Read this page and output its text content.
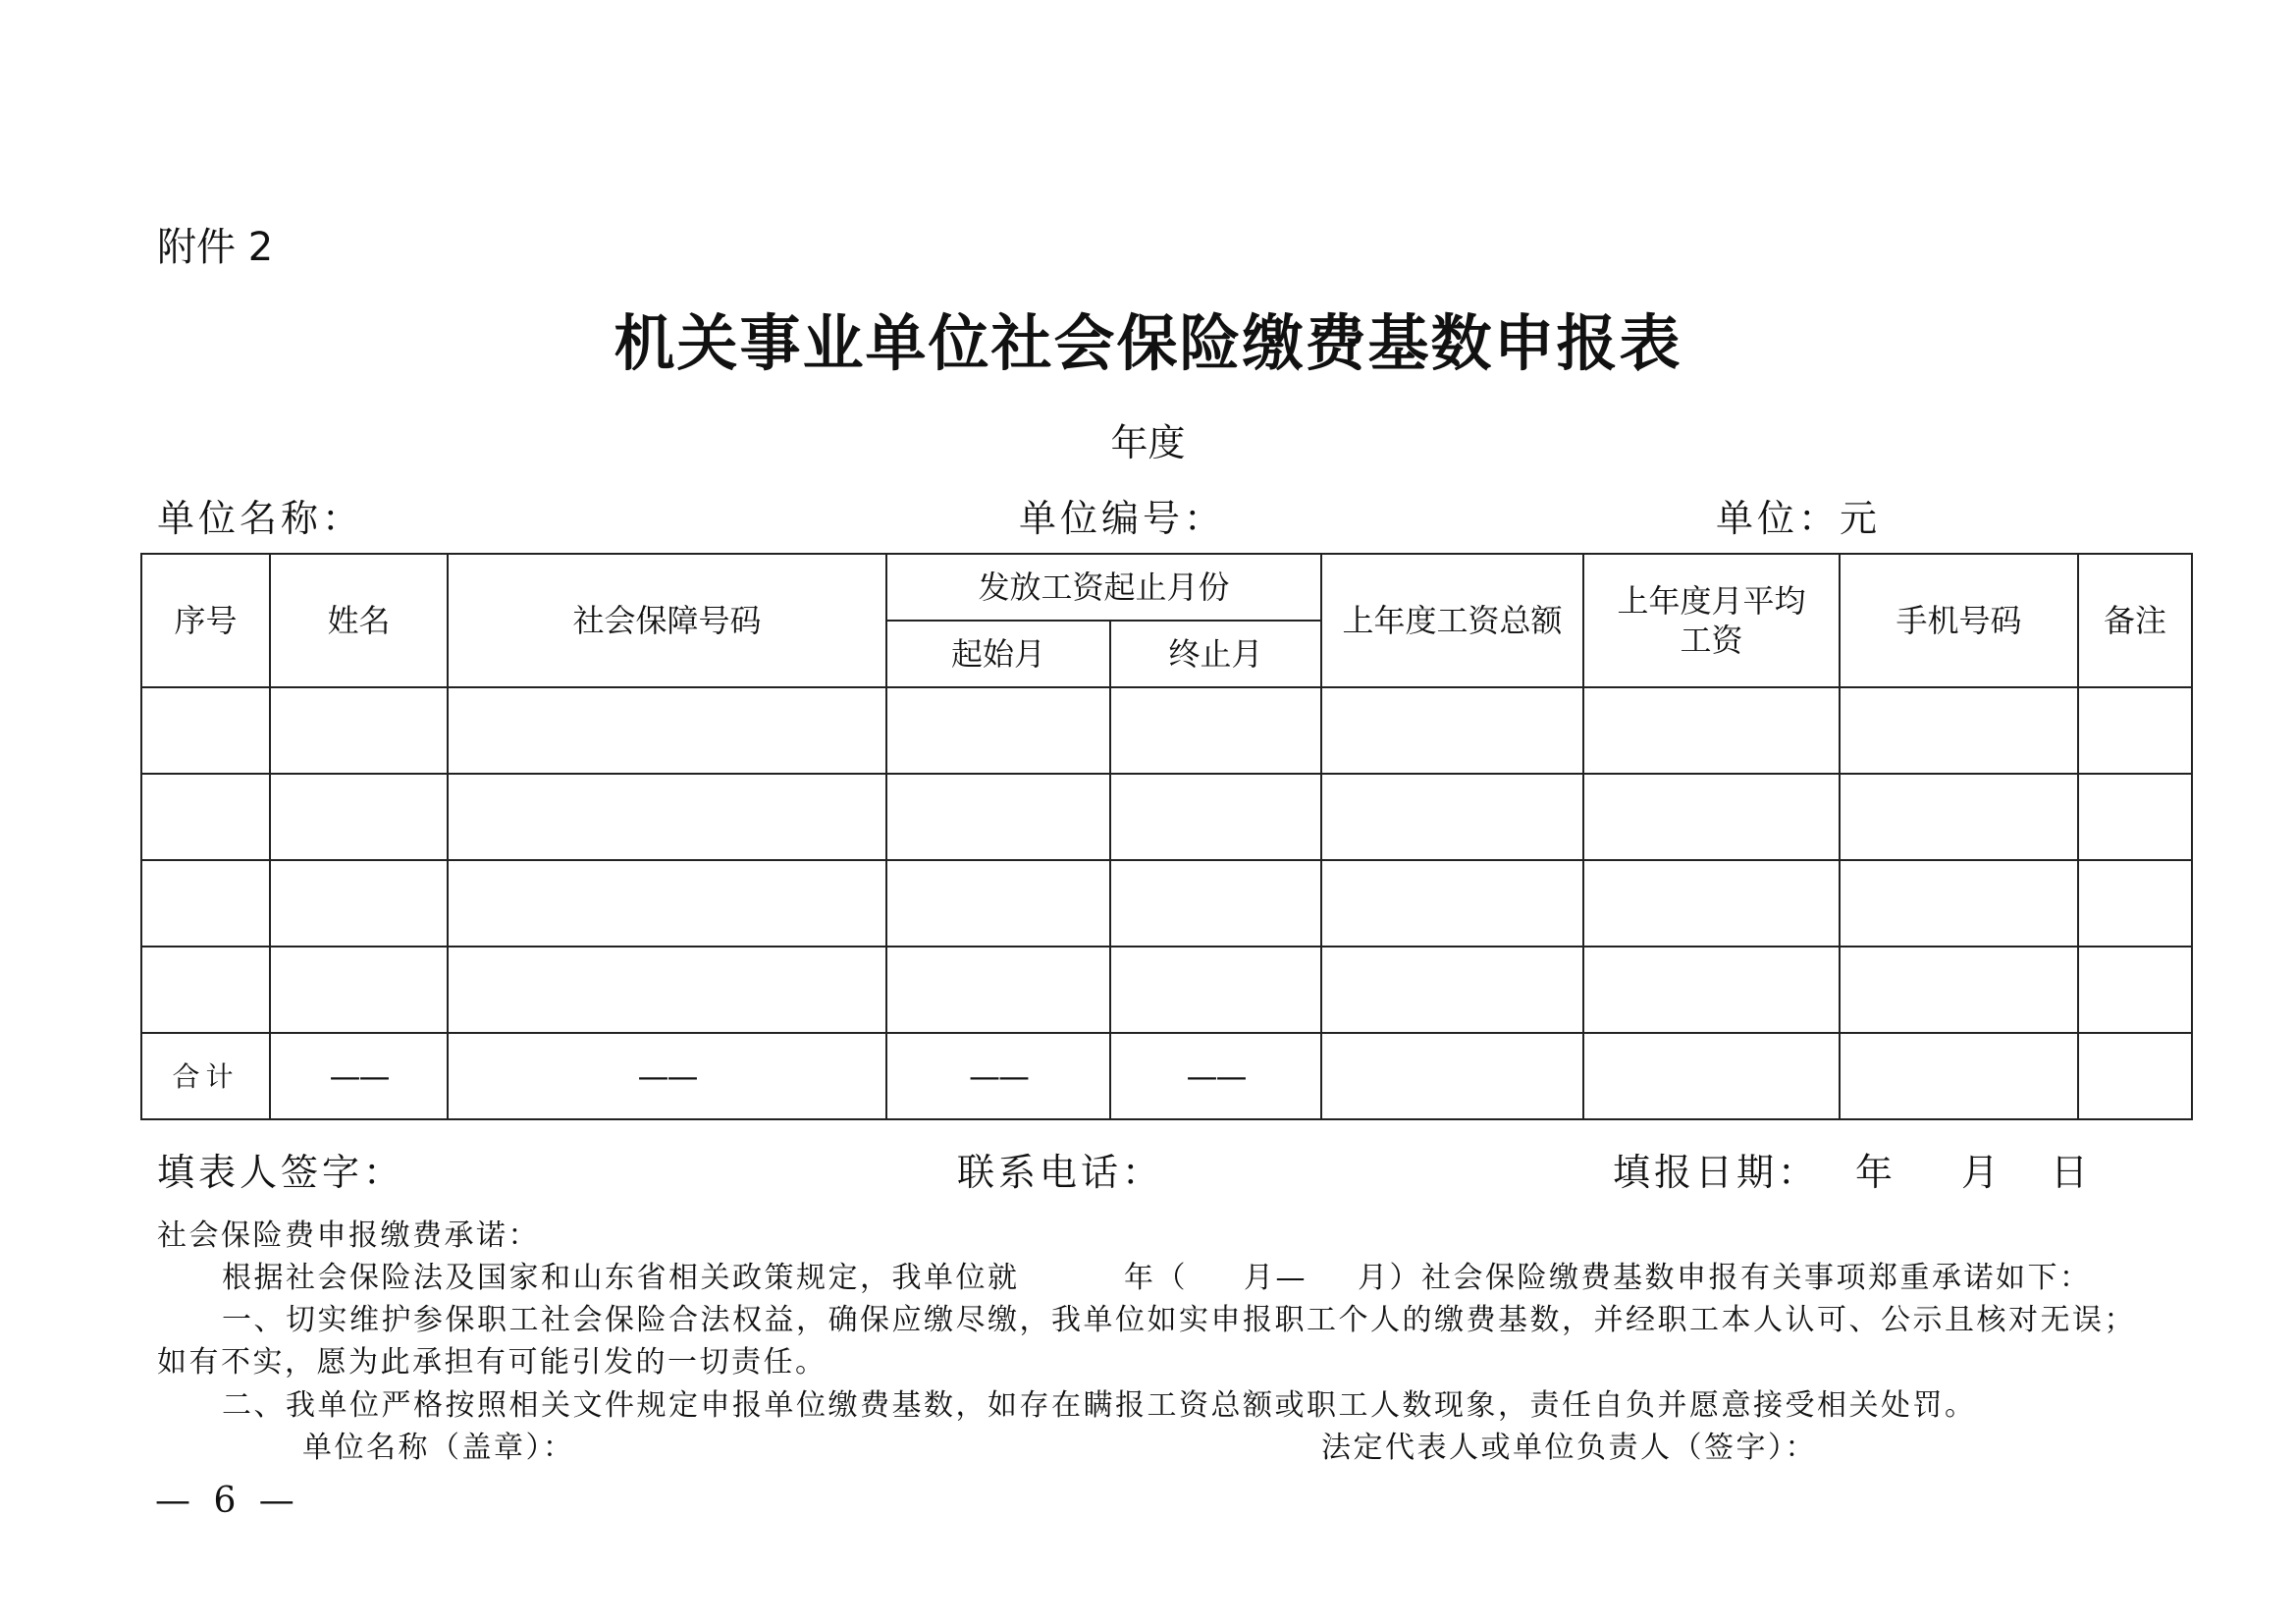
附件 2
机关事业单位社会保险缴费基数申报表
年度
单位名称：	单位编号：	单位：元
序号	姓名	社会保障号码	发放工资起止月份		上年度工资总额	上年度月平均工资	手机号码	备注
			起始月	终止月				

合计	——	——	——	——				
填表人签字：	联系电话：	填报日期： 年 月 日
社会保险费申报缴费承诺：
根据社会保险法及国家和山东省相关政策规定，我单位就	年（ 月— 月）社会保险缴费基数申报有关事项郑重承诺如下：
一、切实维护参保职工社会保险合法权益，确保应缴尽缴，我单位如实申报职工个人的缴费基数，并经职工本人认可、公示且核对无误；
如有不实，愿为此承担有可能引发的一切责任。
二、我单位严格按照相关文件规定申报单位缴费基数，如存在瞒报工资总额或职工人数现象，责任自负并愿意接受相关处罚。
单位名称（盖章）：	法定代表人或单位负责人（签字）：
— 6 —
